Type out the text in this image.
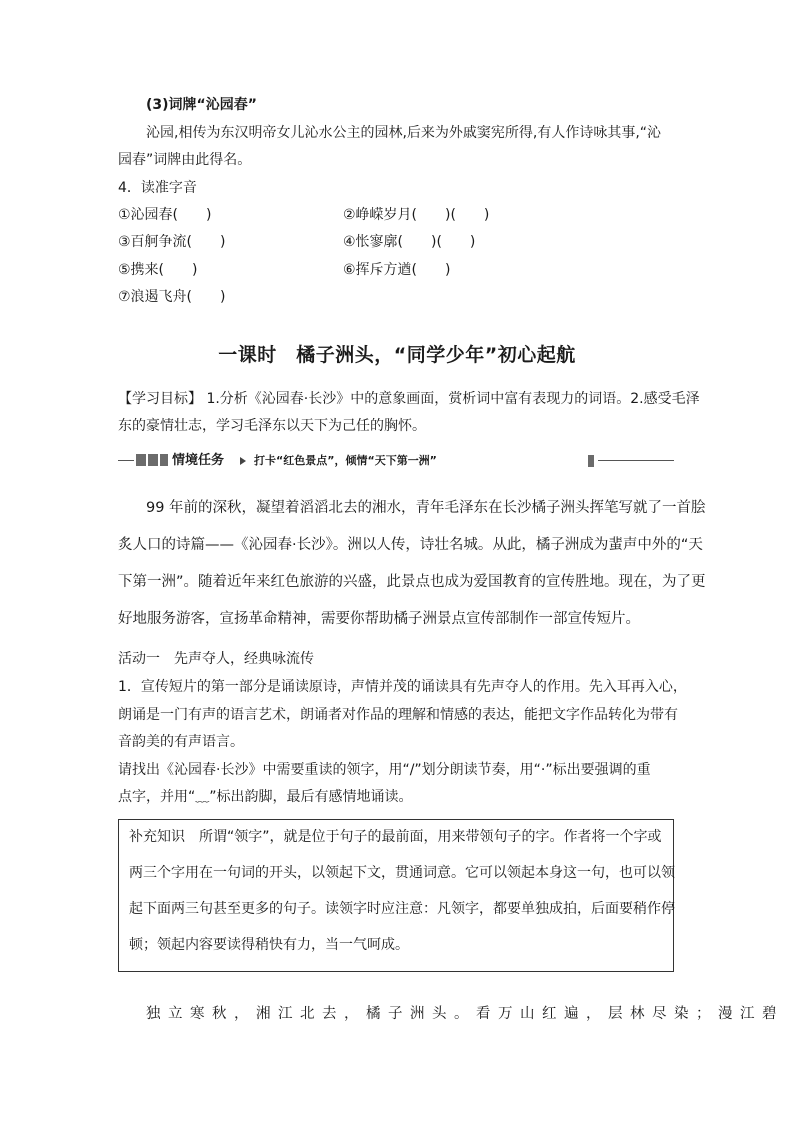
(3)词牌“沁园春”
沁园,相传为东汉明帝女儿沁水公主的园林,后来为外戚窦宪所得,有人作诗咏其事,“沁
园春”词牌由此得名。
4．读准字音
①沁园春(　　)	②峥嵘岁月(　　)(　　)
③百舸争流(　　)	④怅寥廓(　　)(　　)
⑤携来(　　)	⑥挥斥方遒(　　)
⑦浪遏飞舟(　　)
一课时　橘子洲头，“同学少年”初心起航
【学习目标】 1.分析《沁园春·长沙》中的意象画面，赏析词中富有表现力的词语。2.感受毛泽
东的豪情壮志，学习毛泽东以天下为己任的胸怀。
情境任务	打卡“红色景点”，倾情“天下第一洲”
99 年前的深秋，凝望着滔滔北去的湘水，青年毛泽东在长沙橘子洲头挥笔写就了一首脍
炙人口的诗篇——《沁园春·长沙》。洲以人传，诗壮名城。从此，橘子洲成为蜚声中外的“天
下第一洲”。随着近年来红色旅游的兴盛，此景点也成为爱国教育的宣传胜地。现在，为了更
好地服务游客，宣扬革命精神，需要你帮助橘子洲景点宣传部制作一部宣传短片。
活动一　先声夺人，经典咏流传
1．宣传短片的第一部分是诵读原诗，声情并茂的诵读具有先声夺人的作用。先入耳再入心，
朗诵是一门有声的语言艺术，朗诵者对作品的理解和情感的表达，能把文字作品转化为带有
音韵美的有声语言。
请找出《沁园春·长沙》中需要重读的领字，用“/”划分朗读节奏，用“·”标出要强调的重
点字，并用“﹏”标出韵脚，最后有感情地诵读。
补充知识　所谓“领字”，就是位于句子的最前面，用来带领句子的字。作者将一个字或
两三个字用在一句词的开头，以领起下文，贯通词意。它可以领起本身这一句，也可以领
起下面两三句甚至更多的句子。读领字时应注意：凡领字，都要单独成拍，后面要稍作停
顿；领起内容要读得稍快有力，当一气呵成。
独立寒秋，湘江北去，橘子洲头。看万山红遍，层林尽染；漫江碧
